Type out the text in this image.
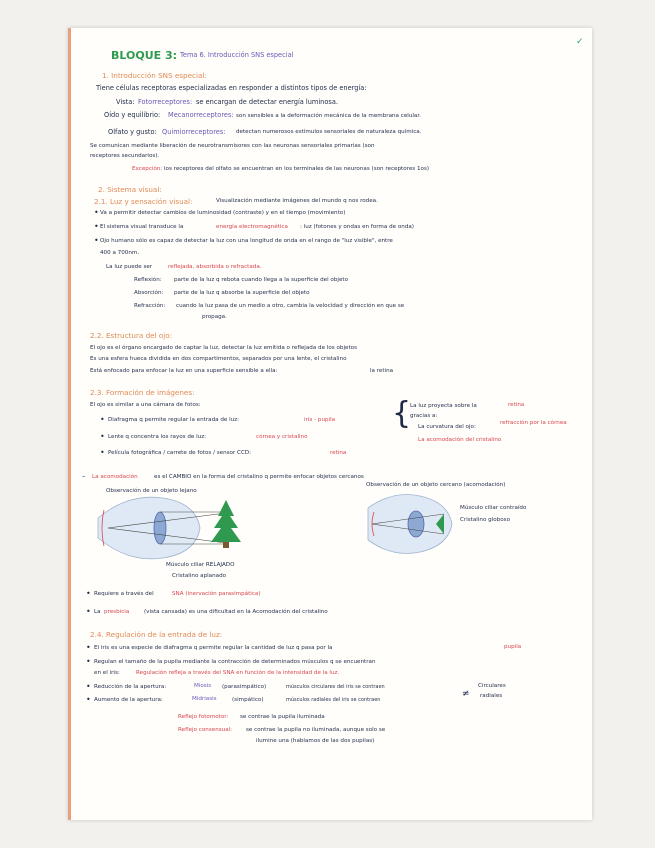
BLOQUE 3: Tema 6. Introducción SNS especial
✓
1. Introducción SNS especial:
Tiene células receptoras especializadas en responder a distintos tipos de energía:
Vista: Fotorreceptores: se encargan de detectar energía luminosa.
Oído y equilibrio: Mecanorreceptores: son sensibles a la deformación mecánica de la membrana celular.
Olfato y gusto: Quimiorreceptores: detectan numerosos estímulos sensoriales de naturaleza química.
Se comunican mediante liberación de neurotransmisores con las neuronas sensoriales primarias (son
receptores secundarios).
Excepción: los receptores del olfato se encuentran en los terminales de las neuronas (son receptores 1os)
2. Sistema visual:
2.1. Luz y sensación visual:	Visualización mediante imágenes del mundo q nos rodea.
• Va a permitir detectar cambios de luminosidad (contraste) y en el tiempo (movimiento)
• El sistema visual transduce la	energía electromagnética : luz (fotones y ondas en forma de onda)
• Ojo humano sólo es capaz de detectar la luz con una longitud de onda en el rango de "luz visible", entre
400 a 700nm.
La luz puede ser	reflejada, absorbida o refractada.
Reflexión: parte de la luz q rebota cuando llega a la superficie del objeto
Absorción: parte de la luz q absorbe la superficie del objeto
Refracción: cuando la luz pasa de un medio a otro, cambia la velocidad y dirección en que se
propaga.
2.2. Estructura del ojo:
El ojo es el órgano encargado de captar la luz, detectar la luz emitida o reflejada de los objetos
Es una esfera hueca dividida en dos compartimentos, separados por una lente, el cristalino
Está enfocado para enfocar la luz en una superficie sensible a ella:	la retina
2.3. Formación de imágenes:
El ojo es similar a una cámara de fotos:
• Diafragma q permite regular la entrada de luz:	iris - pupila
• Lente q concentra los rayos de luz:	córnea y cristalino
• Película fotográfica / carrete de fotos / sensor CCD:	retina
{
La luz proyecta sobre la	retina
gracias a:
La curvatura del ojo:
refracción por la córnea
La acomodación del cristalino
– La acomodación	es el CAMBIO en la forma del cristalino q permite enfocar objetos cercanos
Observación de un objeto lejano
Observación de un objeto cercano (acomodación)
Músculo ciliar RELAJADO
Cristalino aplanado
Músculo ciliar contraído
Cristalino globoso
• Requiere a través del	SNA (inervación parasimpática)
• La presbicia	(vista cansada) es una dificultad en la Acomodación del cristalino
2.4. Regulación de la entrada de luz:
• El iris es una especie de diafragma q permite regular la cantidad de luz q pasa por la	pupila
• Regulan el tamaño de la pupila mediante la contracción de determinados músculos q se encuentran
en el iris:	Regulación refleja a través del SNA en función de la intensidad de la luz.
• Reducción de la apertura:	Miosis (parasimpático)	músculos circulares del iris se contraen
• Aumento de la apertura:	Midriasis	(simpático)	músculos radiales del iris se contraen
≠
Circulares
radiales
Reflejo fotomotor: se contrae la pupila iluminada
Reflejo consensual: se contrae la pupila no iluminada, aunque solo se
ilumine una (hablamos de las dos pupilas)
